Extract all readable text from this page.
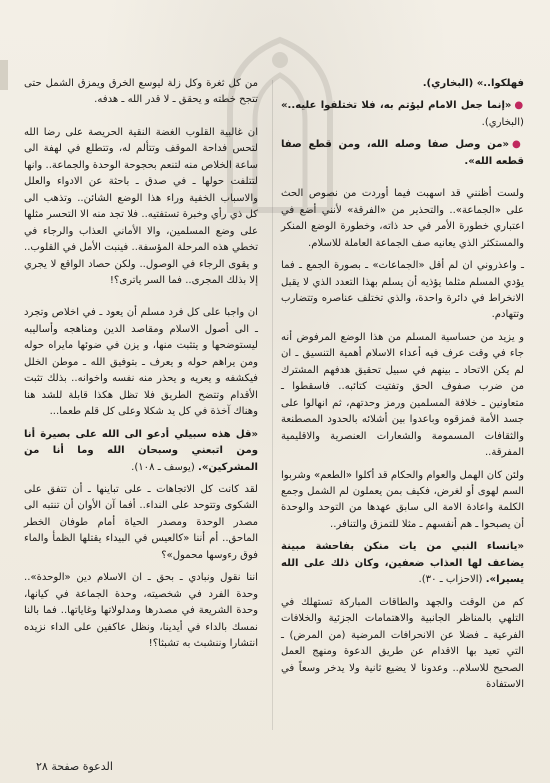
فهلكوا..» (البخاري).

●«إنما جعل الامام ليؤتم به، فلا تختلفوا عليه..» (البخاري).

●«من وصل صفا وصله الله، ومن قطع صفا قطعه الله».

ولست أظنني قد اسهبت فيما أوردت من نصوص الحث على «الجماعة».. والتحذير من «الفرقة» لأنني أضع في اعتباري خطورة الأمر في حد ذاته، وخطورة الوضع المنكر والمستكثر الذي يعانيه صف الجماعة العاملة للاسلام.

ـ واعذروني ان لم أقل «الجماعات» ـ بصورة الجمع ـ فما يؤدي المسلم مثلما يؤذيه أن يسلم بهذا التعدد الذي لا يقبل الانخراط في دائرة واحدة، والذي تختلف عناصره وتتضارب وتتهادم.

و يزيد من حساسية المسلم من هذا الوضع المرفوض أنه جاء في وقت عرف فيه أعداء الاسلام أهمية التنسيق ـ ان لم يكن الاتحاد ـ بينهم في سبيل تحقيق هدفهم المشترك من ضرب صفوف الحق وتفتيت كتائبه.. فاسقطوا ـ متعاونين ـ خلافة المسلمين ورمز وحدتهم، ثم انهالوا على جسد الأمة فمزقوه وباعدوا بين أشلائه بالحدود المصطنعة والثقافات المسمومة والشعارات العنصرية والاقليمية المفرقة..

ولئن كان الهمل والعوام والحكام قد أكلوا «الطعم» وشربوا السم لهوى أو لغرض، فكيف بمن يعملون لم الشمل وجمع الكلمة واعادة الامة الى سابق عهدها من التوحد والوحدة أن يصبحوا ـ هم أنفسهم ـ مثلا للتمزق والتنافر..

«يانساء النبي من يات منكن بفاحشة مبينة يضاعف لها العذاب ضعفين، وكان ذلك على الله يسيرا». (الاحزاب ـ ٣٠).

كم من الوقت والجهد والطاقات المباركة تستهلك في التلهي بالمناظر الجانبية والاهتمامات الجزئية والخلافات الفرعية ـ فضلا عن الانحرافات المرضية (من المرض) ـ التي تعيد بها الاقدام عن طريق الدعوة ومنهج العمل الصحيح للاسلام.. وعدونا لا يضيع ثانية ولا يدخر وسعاً في الاستفادة

من كل ثغرة وكل زلة ليوسع الخرق ويمزق الشمل حتى تتجح خطته و يحقق ـ لا قدر الله ـ هدفه.

ان غالبية القلوب الغضة النقية الحريصة على رضا الله لتحس فداحة الموقف وتتألم له، وتتطلع في لهفة الى ساعة الخلاص منه لتنعم بحجوحة الوحدة والجماعة.. وانها لتتلفت حولها ـ في صدق ـ باحثة عن الادواء والعلل والاسباب الخفية وراء هذا الوضع الشائن.. وتذهب الى كل ذي رأي وخبرة تستفتيه.. فلا تجد منه الا التحسر مثلها على وضع المسلمين، والا الأماني العذاب والرجاء في تخطي هذه المرحلة المؤسفة.. فينبت الأمل في القلوب.. و يقوى الرجاء في الوصول.. ولكن حصاد الواقع لا يجري إلا بذلك المجرى.. فما السر ياترى؟!

ان واجبا على كل فرد مسلم أن يعود ـ في اخلاص وتجرد ـ الى أصول الاسلام ومقاصد الدين ومناهجه وأساليبه ليستوضحها و يتثبت منها، و يزن في ضوئها مايراه حوله ومن يراهم حوله و يعرف ـ بتوفيق الله ـ موطن الخلل فيكشفه و يعريه و يحذر منه نفسه واخوانه.. بذلك تثبت الأقدام وتتضح الطريق فلا تظل هكذا قابلة للشد هنا وهناك آخذة في كل يد شكلا وعلى كل قلم طعما...

«قل هذه سبيلي أدعو الى الله على بصيرة أنا ومن اتبعني وسبحان الله وما أنا من المشركين». (يوسف ـ ١٠٨).

لقد كانت كل الاتجاهات ـ على تباينها ـ أن تتفق على الشكوى وتتوحد على النداء.. أفما آن الأوان أن تنتبه الى مصدر الوحدة ومصدر الحياة أمام طوفان الخطر الماحق.. أم أننا «كالعيس في البيداء يقتلها الظمأ والماء فوق رءوسها محمول»؟

اننا نقول ونبادي ـ بحق ـ ان الاسلام دين «الوحدة».. وحدة الفرد في شخصيته، وحدة الجماعة في كيانها، وحدة الشريعة في مصدرها ومدلولاتها وغاياتها.. فما بالنا نمسك بالداء في أيدينا، ونظل عاكفين على الداء نزيده انتشارا وننشبث به تشبثا؟!

الدعوة صفحة ٢٨
